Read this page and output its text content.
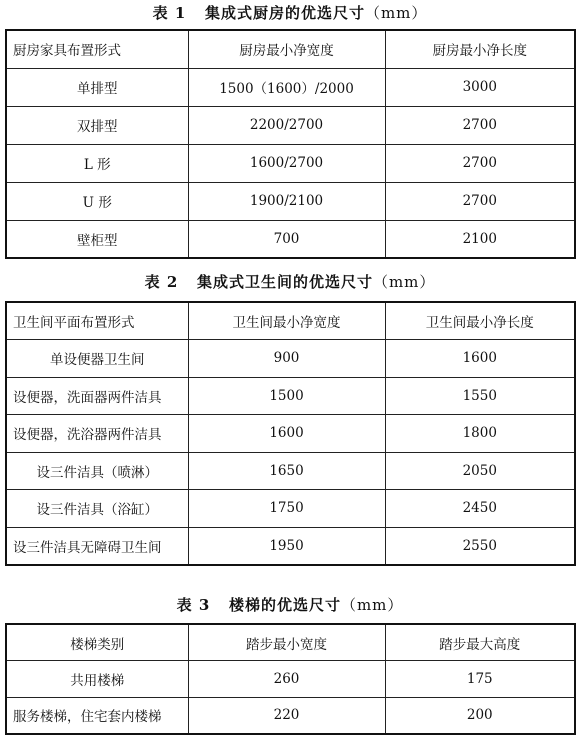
表 1 集成式厨房的优选尺寸（mm）
厨房家具布置形式	厨房最小净宽度	厨房最小净长度
单排型	1500（1600）/2000	3000
双排型	2200/2700	2700
L 形	1600/2700	2700
U 形	1900/2100	2700
壁柜型	700	2100
表 2 集成式卫生间的优选尺寸（mm）
卫生间平面布置形式	卫生间最小净宽度	卫生间最小净长度
单设便器卫生间	900	1600
设便器，洗面器两件洁具	1500	1550
设便器，洗浴器两件洁具	1600	1800
设三件洁具（喷淋）	1650	2050
设三件洁具（浴缸）	1750	2450
设三件洁具无障碍卫生间	1950	2550
表 3 楼梯的优选尺寸（mm）
楼梯类别	踏步最小宽度	踏步最大高度
共用楼梯	260	175
服务楼梯，住宅套内楼梯	220	200
